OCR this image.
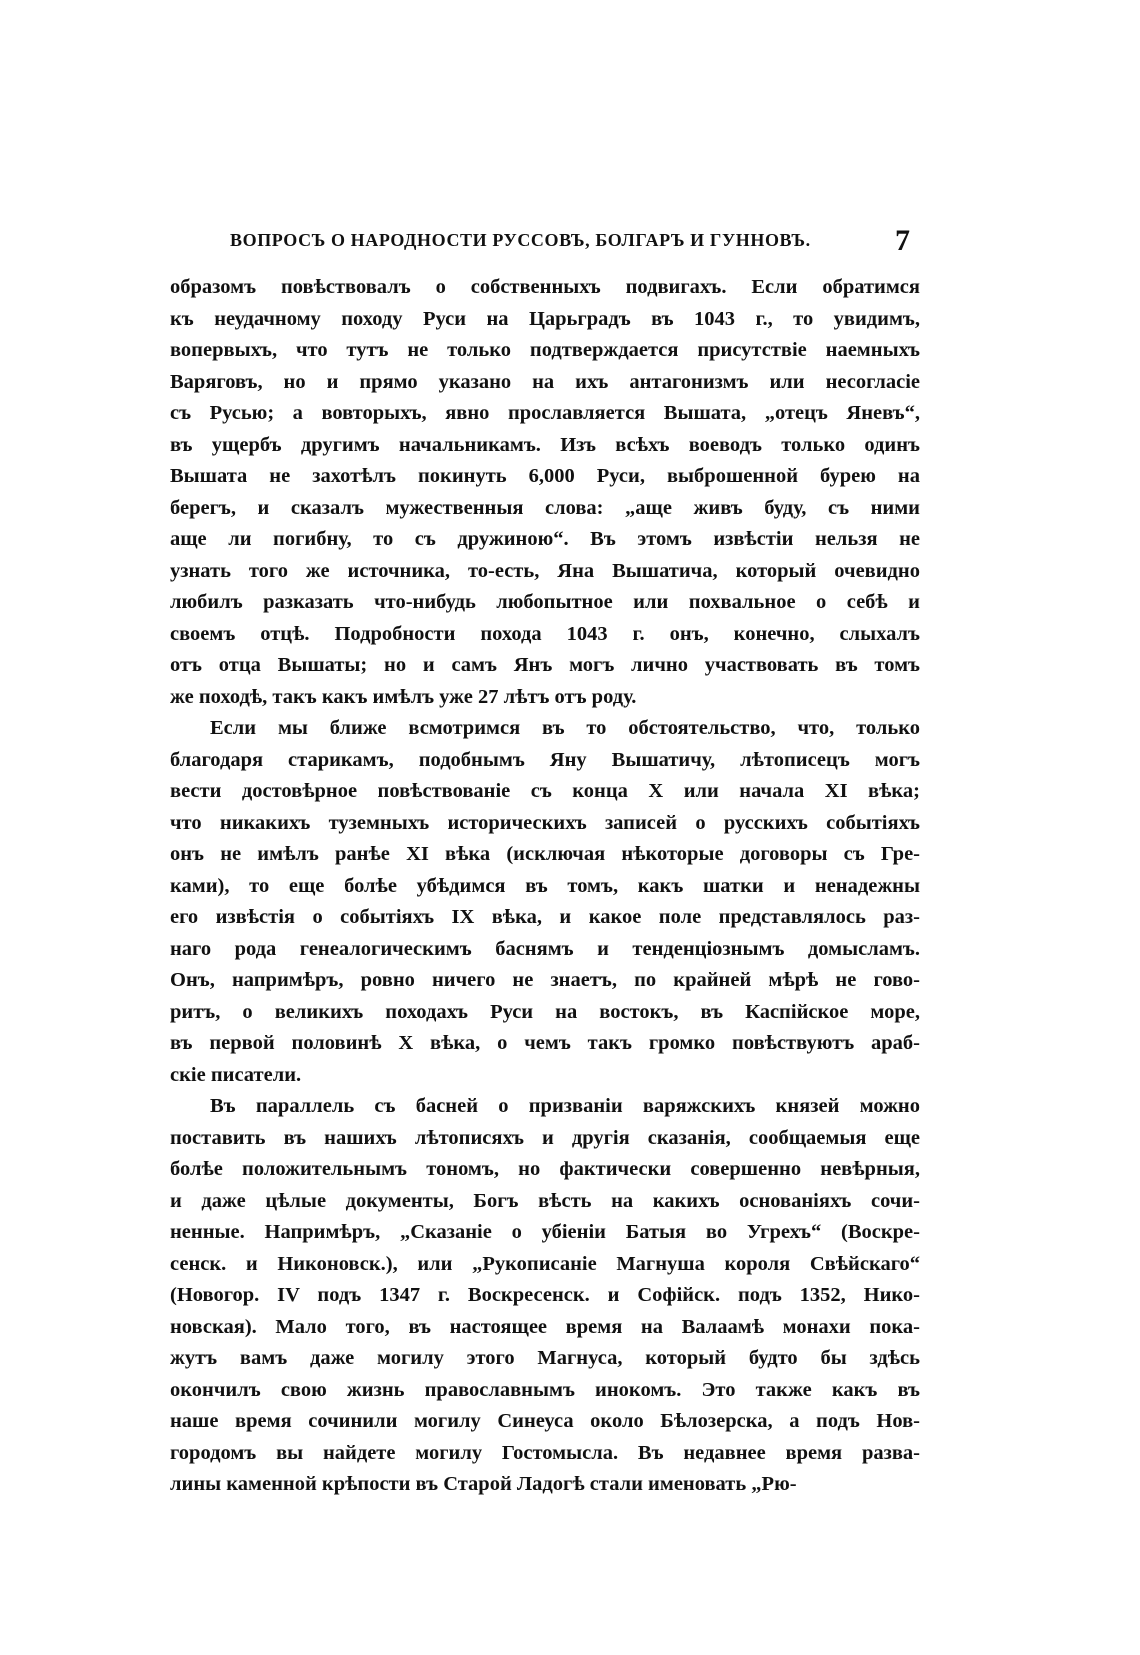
ВОПРОСЪ О НАРОДНОСТИ РУССОВЪ, БОЛГАРЪ И ГУННОВЪ.	7
образомъ повѣствовалъ о собственныхъ подвигахъ. Если обратимся
къ неудачному походу Руси на Царьградъ въ 1043 г., то увидимъ,
вопервыхъ, что тутъ не только подтверждается присутствіе наемныхъ
Варяговъ, но и прямо указано на ихъ антагонизмъ или несогласіе
съ Русью; а вовторыхъ, явно прославляется Вышата, „отецъ Яневъ“,
въ ущербъ другимъ начальникамъ. Изъ всѣхъ воеводъ только одинъ
Вышата не захотѣлъ покинуть 6,000 Руси, выброшенной бурею на
берегъ, и сказалъ мужественныя слова: „аще живъ буду, съ ними
аще ли погибну, то съ дружиною“. Въ этомъ извѣстіи нельзя не
узнать того же источника, то-есть, Яна Вышатича, который очевидно
любилъ разказать что-нибудь любопытное или похвальное о себѣ и
своемъ отцѣ. Подробности похода 1043 г. онъ, конечно, слыхалъ
отъ отца Вышаты; но и самъ Янъ могъ лично участвовать въ томъ
же походѣ, такъ какъ имѣлъ уже 27 лѣтъ отъ роду.
Если мы ближе всмотримся въ то обстоятельство, что, только
благодаря старикамъ, подобнымъ Яну Вышатичу, лѣтописецъ могъ
вести достовѣрное повѣствованіе съ конца X или начала XI вѣка;
что никакихъ туземныхъ историческихъ записей о русскихъ событіяхъ
онъ не имѣлъ ранѣе XI вѣка (исключая нѣкоторые договоры съ Гре-
ками), то еще болѣе убѣдимся въ томъ, какъ шатки и ненадежны
его извѣстія о событіяхъ IX вѣка, и какое поле представлялось раз-
наго рода генеалогическимъ баснямъ и тенденціознымъ домысламъ.
Онъ, напримѣръ, ровно ничего не знаетъ, по крайней мѣрѣ не гово-
ритъ, о великихъ походахъ Руси на востокъ, въ Каспійское море,
въ первой половинѣ X вѣка, о чемъ такъ громко повѣствуютъ араб-
скіе писатели.
Въ параллель съ басней о призваніи варяжскихъ князей можно
поставить въ нашихъ лѣтописяхъ и другія сказанія, сообщаемыя еще
болѣе положительнымъ тономъ, но фактически совершенно невѣрныя,
и даже цѣлые документы, Богъ вѣсть на какихъ основаніяхъ сочи-
ненные. Напримѣръ, „Сказаніе о убіеніи Батыя во Угрехъ“ (Воскре-
сенск. и Никоновск.), или „Рукописаніе Магнуша короля Свѣйскаго“
(Новогор. IV подъ 1347 г. Воскресенск. и Софійск. подъ 1352, Нико-
новская). Мало того, въ настоящее время на Валаамѣ монахи пока-
жутъ вамъ даже могилу этого Магнуса, который будто бы здѣсь
окончилъ свою жизнь православнымъ инокомъ. Это также какъ въ
наше время сочинили могилу Синеуса около Бѣлозерска, а подъ Нов-
городомъ вы найдете могилу Гостомысла. Въ недавнее время разва-
лины каменной крѣпости въ Старой Ладогѣ стали именовать „Рю-
